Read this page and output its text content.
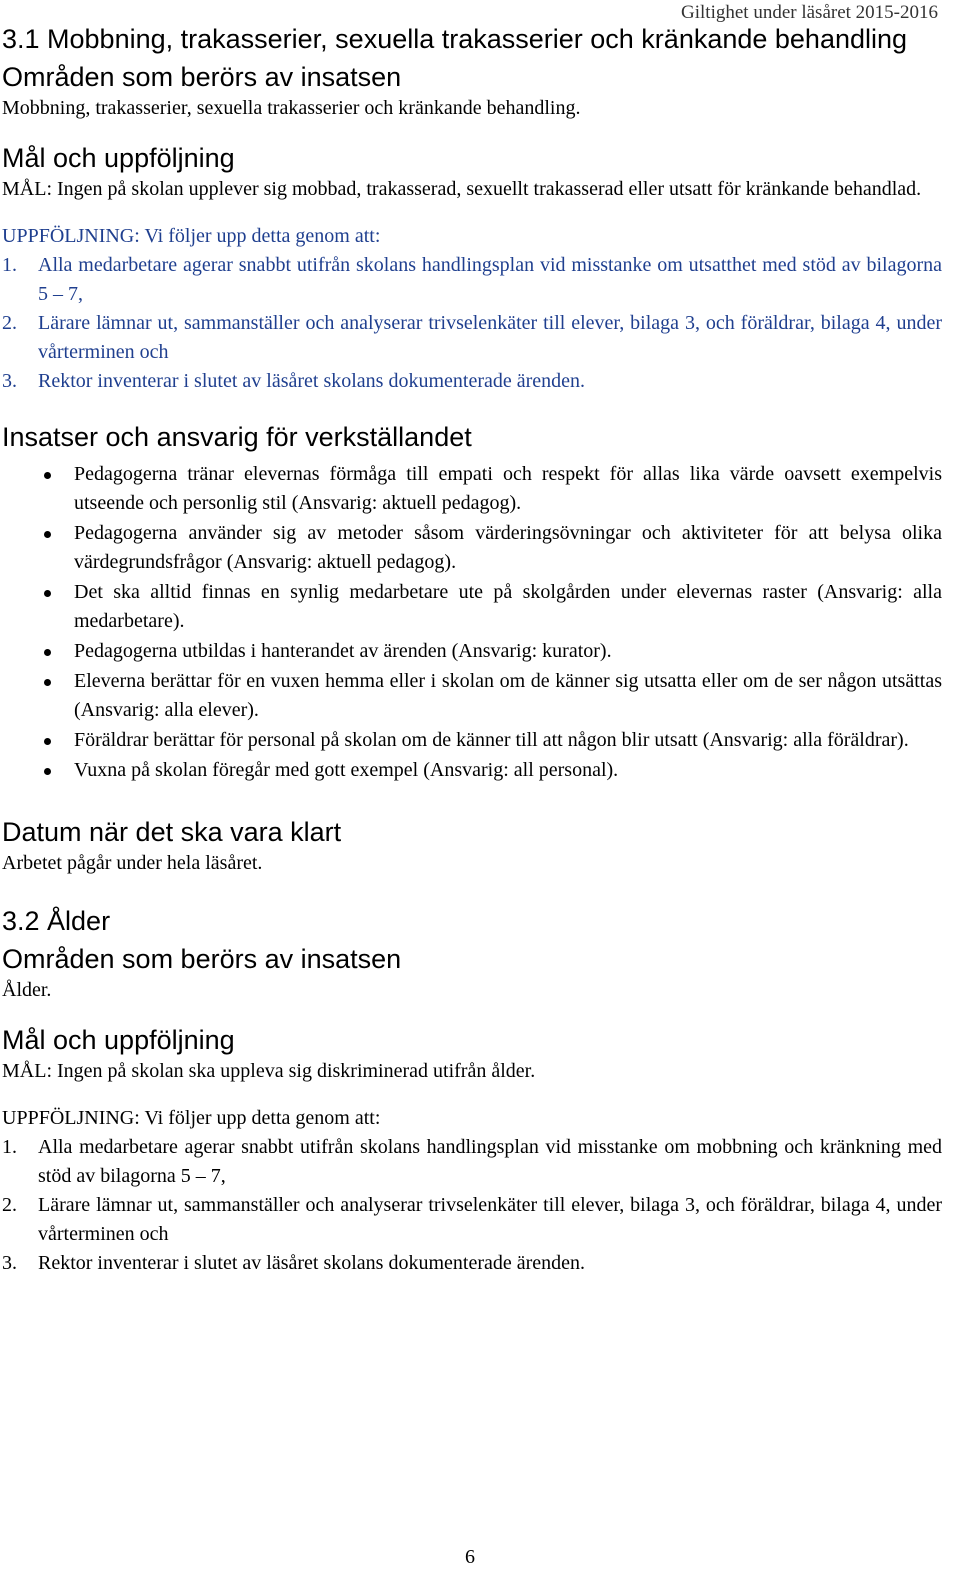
Giltighet under läsåret 2015-2016
3.1 Mobbning, trakasserier, sexuella trakasserier och kränkande behandling
Områden som berörs av insatsen

Mobbning, trakasserier, sexuella trakasserier och kränkande behandling.

Mål och uppföljning

MÅL: Ingen på skolan upplever sig mobbad, trakasserad, sexuellt trakasserad eller utsatt för kränkande behandlad.

UPPFÖLJNING: Vi följer upp detta genom att:

1. Alla medarbetare agerar snabbt utifrån skolans handlingsplan vid misstanke om utsatthet med stöd av bilagorna 5 – 7,
2. Lärare lämnar ut, sammanställer och analyserar trivselenkäter till elever, bilaga 3, och föräldrar, bilaga 4, under vårterminen och
3. Rektor inventerar i slutet av läsåret skolans dokumenterade ärenden.
Insatser och ansvarig för verkställandet
Pedagogerna tränar elevernas förmåga till empati och respekt för allas lika värde oavsett exempelvis utseende och personlig stil (Ansvarig: aktuell pedagog).
Pedagogerna använder sig av metoder såsom värderingsövningar och aktiviteter för att belysa olika värdegrundsfrågor (Ansvarig: aktuell pedagog).
Det ska alltid finnas en synlig medarbetare ute på skolgården under elevernas raster (Ansvarig: alla medarbetare).
Pedagogerna utbildas i hanterandet av ärenden (Ansvarig: kurator).
Eleverna berättar för en vuxen hemma eller i skolan om de känner sig utsatta eller om de ser någon utsättas (Ansvarig: alla elever).
Föräldrar berättar för personal på skolan om de känner till att någon blir utsatt (Ansvarig: alla föräldrar).
Vuxna på skolan föregår med gott exempel (Ansvarig: all personal).
Datum när det ska vara klart

Arbetet pågår under hela läsåret.

3.2 Ålder
Områden som berörs av insatsen

Ålder.

Mål och uppföljning

MÅL: Ingen på skolan ska uppleva sig diskriminerad utifrån ålder.

UPPFÖLJNING: Vi följer upp detta genom att:

1. Alla medarbetare agerar snabbt utifrån skolans handlingsplan vid misstanke om mobbning och kränkning med stöd av bilagorna 5 – 7,
2. Lärare lämnar ut, sammanställer och analyserar trivselenkäter till elever, bilaga 3, och föräldrar, bilaga 4, under vårterminen och
3. Rektor inventerar i slutet av läsåret skolans dokumenterade ärenden.
6
